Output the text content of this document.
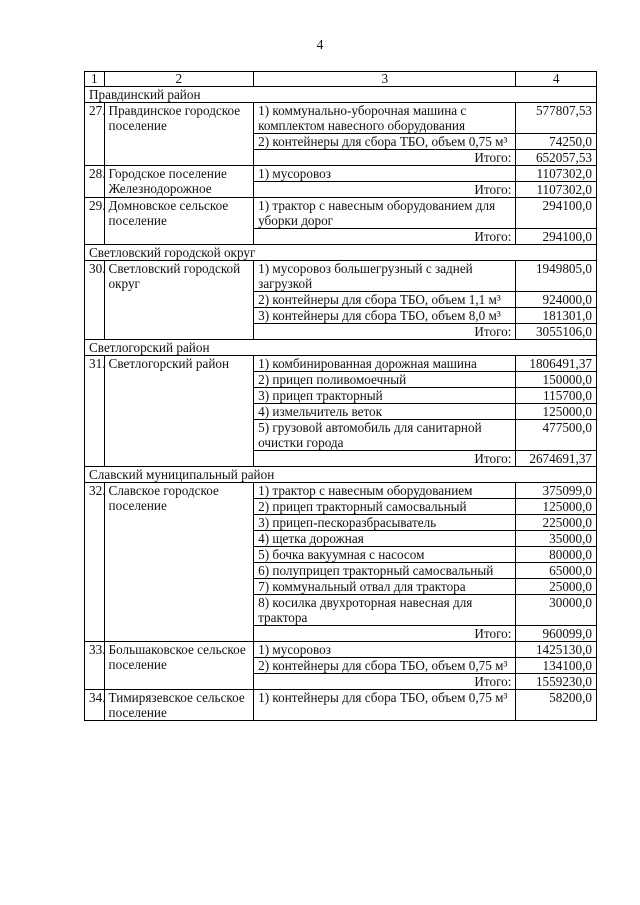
4
1	2	3	4
Правдинский район			
27.	Правдинское городское поселение	1) коммунально-уборочная машина с комплектом навесного оборудования	577807,53
		2) контейнеры для сбора ТБО, объем 0,75 м³	74250,0
		Итого:	652057,53
28.	Городское поселение Железнодорожное	1) мусоровоз	1107302,0
		Итого:	1107302,0
29.	Домновское сельское поселение	1) трактор с навесным оборудованием для уборки дорог	294100,0
		Итого:	294100,0
Светловский городской округ			
30.	Светловский городской округ	1) мусоровоз большегрузный с задней загрузкой	1949805,0
		2) контейнеры для сбора ТБО, объем 1,1 м³	924000,0
		3) контейнеры для сбора ТБО, объем 8,0 м³	181301,0
		Итого:	3055106,0
Светлогорский район			
31.	Светлогорский район	1) комбинированная дорожная машина	1806491,37
		2) прицеп поливомоечный	150000,0
		3) прицеп тракторный	115700,0
		4) измельчитель веток	125000,0
		5) грузовой автомобиль для санитарной очистки города	477500,0
		Итого:	2674691,37
Славский муниципальный район			
32.	Славское городское поселение	1) трактор с навесным оборудованием	375099,0
		2) прицеп тракторный самосвальный	125000,0
		3) прицеп-пескоразбрасыватель	225000,0
		4) щетка дорожная	35000,0
		5) бочка вакуумная с насосом	80000,0
		6) полуприцеп тракторный самосвальный	65000,0
		7) коммунальный отвал для трактора	25000,0
		8) косилка двухроторная навесная для трактора	30000,0
		Итого:	960099,0
33.	Большаковское сельское поселение	1) мусоровоз	1425130,0
		2) контейнеры для сбора ТБО, объем 0,75 м³	134100,0
		Итого:	1559230,0
34.	Тимирязевское сельское поселение	1) контейнеры для сбора ТБО, объем 0,75 м³	58200,0
